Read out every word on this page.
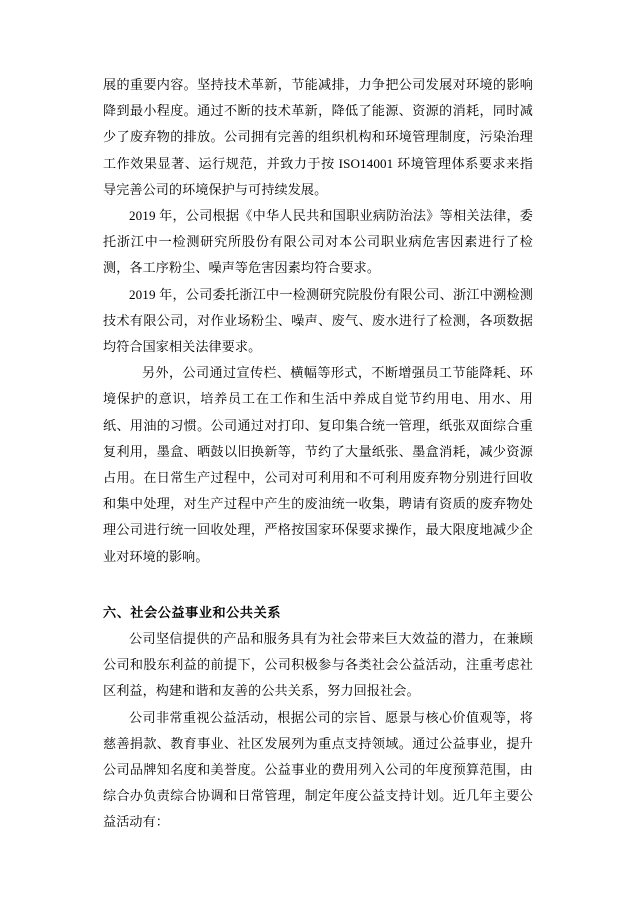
展的重要内容。坚持技术革新，节能减排，力争把公司发展对环境的影响降到最小程度。通过不断的技术革新，降低了能源、资源的消耗，同时减少了废弃物的排放。公司拥有完善的组织机构和环境管理制度，污染治理工作效果显著、运行规范，并致力于按 ISO14001 环境管理体系要求来指导完善公司的环境保护与可持续发展。

2019 年，公司根据《中华人民共和国职业病防治法》等相关法律，委托浙江中一检测研究所股份有限公司对本公司职业病危害因素进行了检测，各工序粉尘、噪声等危害因素均符合要求。

2019 年，公司委托浙江中一检测研究院股份有限公司、浙江中溯检测技术有限公司，对作业场粉尘、噪声、废气、废水进行了检测，各项数据均符合国家相关法律要求。

另外，公司通过宣传栏、横幅等形式，不断增强员工节能降耗、环境保护的意识，培养员工在工作和生活中养成自觉节约用电、用水、用纸、用油的习惯。公司通过对打印、复印集合统一管理，纸张双面综合重复利用，墨盒、晒鼓以旧换新等，节约了大量纸张、墨盒消耗，减少资源占用。在日常生产过程中，公司对可利用和不可利用废弃物分别进行回收和集中处理，对生产过程中产生的废油统一收集，聘请有资质的废弃物处理公司进行统一回收处理，严格按国家环保要求操作，最大限度地减少企业对环境的影响。

六、社会公益事业和公共关系

公司坚信提供的产品和服务具有为社会带来巨大效益的潜力，在兼顾公司和股东利益的前提下，公司积极参与各类社会公益活动，注重考虑社区利益，构建和谐和友善的公共关系，努力回报社会。

公司非常重视公益活动，根据公司的宗旨、愿景与核心价值观等，将慈善捐款、教育事业、社区发展列为重点支持领域。通过公益事业，提升公司品牌知名度和美誉度。公益事业的费用列入公司的年度预算范围，由综合办负责综合协调和日常管理，制定年度公益支持计划。近几年主要公益活动有：
